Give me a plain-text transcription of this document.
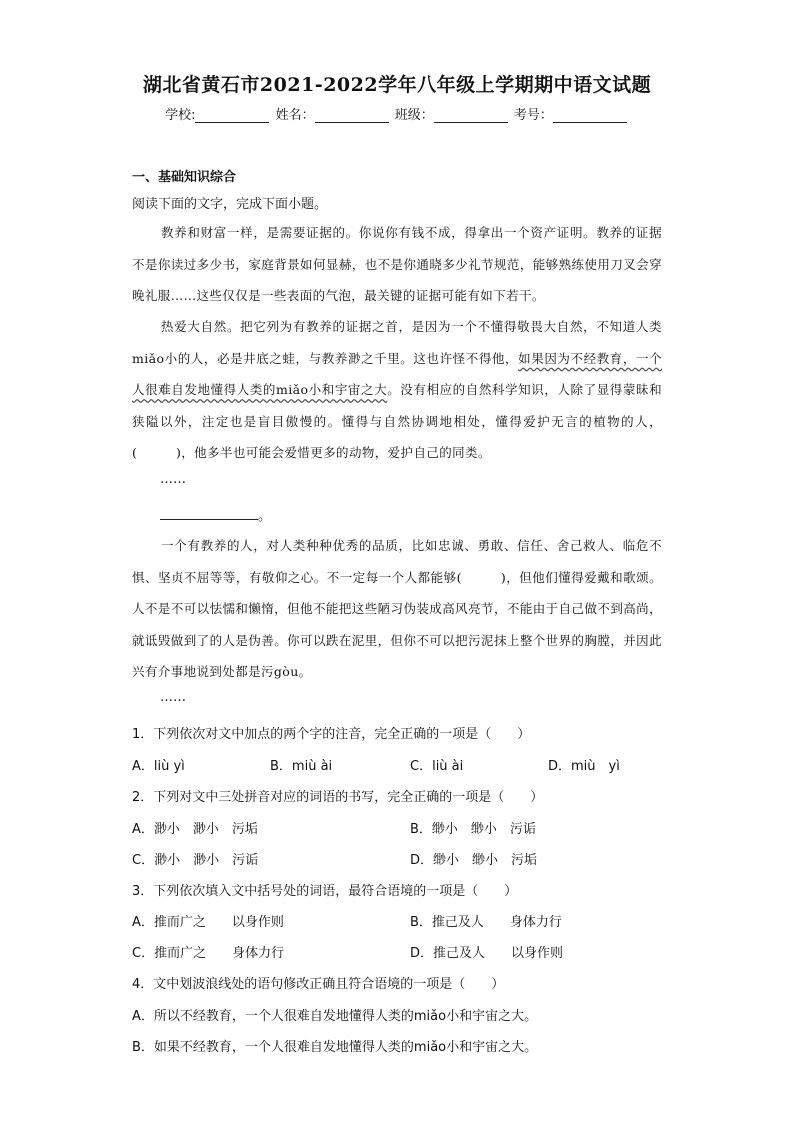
湖北省黄石市2021-2022学年八年级上学期期中语文试题
学校:	姓名：	班级：	考号：
一、基础知识综合
阅读下面的文字，完成下面小题。
教养和财富一样，是需要证据的。你说你有钱不成，得拿出一个资产证明。教养的证据不是你读过多少书，家庭背景如何显赫，也不是你通晓多少礼节规范，能够熟练使用刀叉会穿晚礼服……这些仅仅是一些表面的气泡，最关键的证据可能有如下若干。
热爱大自然。把它列为有教养的证据之首，是因为一个不懂得敬畏大自然，不知道人类miǎo小的人，必是井底之蛙，与教养渺之千里。这也许怪不得他，如果因为不经教育，一个人很难自发地懂得人类的miǎo小和宇宙之大。没有相应的自然科学知识，人除了显得蒙昧和狭隘以外，注定也是盲目傲慢的。懂得与自然协调地相处，懂得爱护无言的植物的人，(　　　)，他多半也可能会爱惜更多的动物，爱护自己的同类。
……
。
一个有教养的人，对人类种种优秀的品质，比如忠诚、勇敢、信任、舍己救人、临危不惧、坚贞不屈等等，有敬仰之心。不一定每一个人都能够(　　　)，但他们懂得爱戴和歌颂。人不是不可以怯懦和懒惰，但他不能把这些陋习伪装成高风亮节，不能由于自己做不到高尚，就诋毁做到了的人是伪善。你可以跌在泥里，但你不可以把污泥抹上整个世界的胸膛，并因此兴有介事地说到处都是污gòu。
……
1．下列依次对文中加点的两个字的注音，完全正确的一项是（　　）
A．liù yì	B．miù ài	C．liù ài	D．miù　yì
2．下列对文中三处拼音对应的词语的书写，完全正确的一项是（　　）
A．渺小　渺小　污垢	B．缈小　缈小　污诟
C．渺小　渺小　污诟	D．缈小　缈小　污垢
3．下列依次填入文中括号处的词语，最符合语境的一项是（　　）
A．推而广之　　以身作则	B．推己及人　　身体力行
C．推而广之　　身体力行	D．推己及人　　以身作则
4．文中划波浪线处的语句修改正确且符合语境的一项是（　　）
A．所以不经教育，一个人很难自发地懂得人类的miǎo小和宇宙之大。
B．如果不经教育，一个人很难自发地懂得人类的miǎo小和宇宙之大。
